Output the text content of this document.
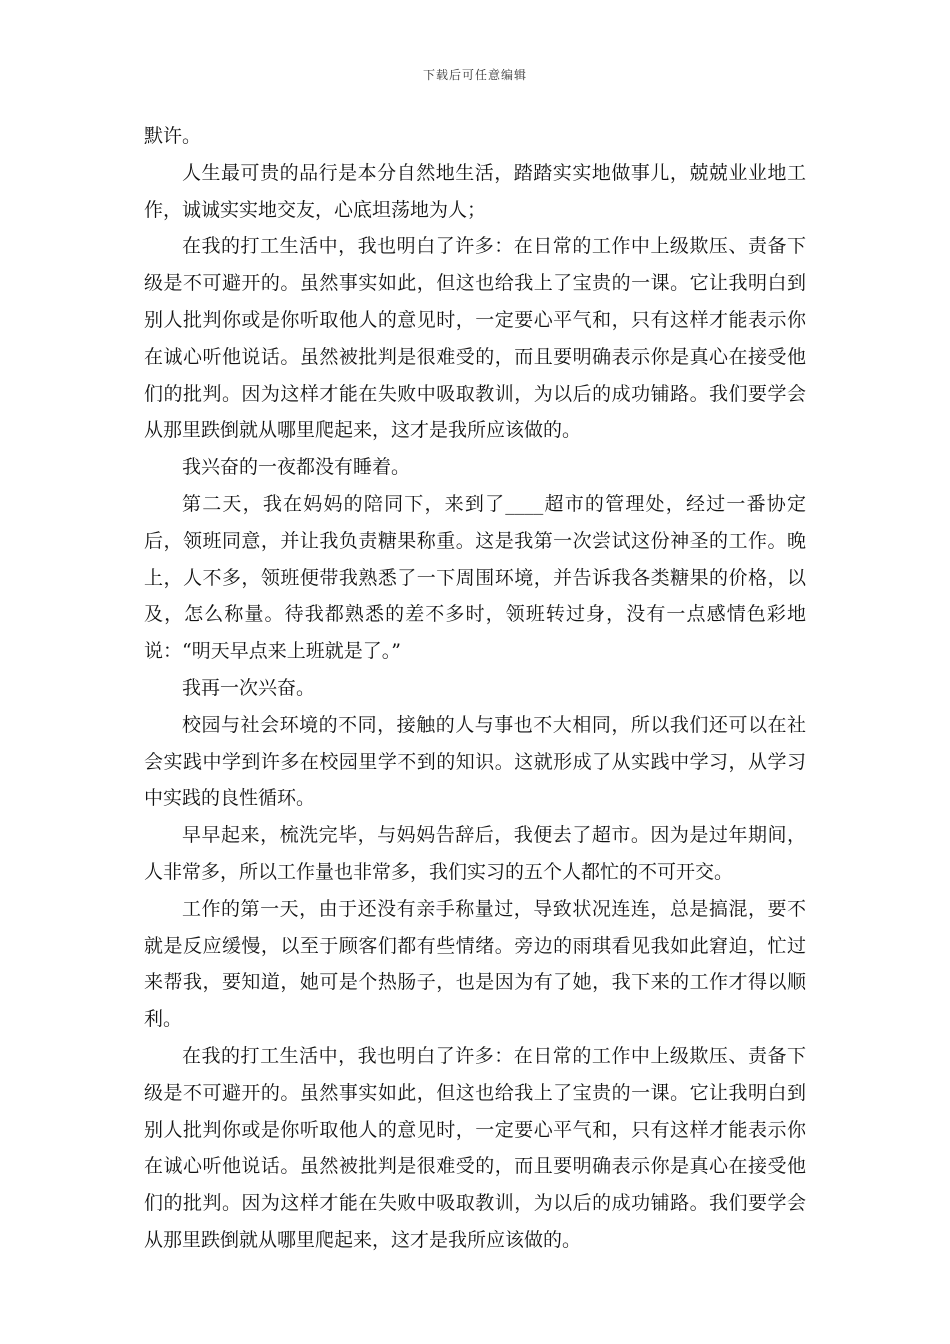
下载后可任意编辑

默许。

人生最可贵的品行是本分自然地生活，踏踏实实地做事儿，兢兢业业地工作，诚诚实实地交友，心底坦荡地为人；

在我的打工生活中，我也明白了许多：在日常的工作中上级欺压、责备下级是不可避开的。虽然事实如此，但这也给我上了宝贵的一课。它让我明白到别人批判你或是你听取他人的意见时，一定要心平气和，只有这样才能表示你在诚心听他说话。虽然被批判是很难受的，而且要明确表示你是真心在接受他们的批判。因为这样才能在失败中吸取教训，为以后的成功铺路。我们要学会从那里跌倒就从哪里爬起来，这才是我所应该做的。

我兴奋的一夜都没有睡着。

第二天，我在妈妈的陪同下，来到了____超市的管理处，经过一番协定后，领班同意，并让我负责糖果称重。这是我第一次尝试这份神圣的工作。晚上，人不多，领班便带我熟悉了一下周围环境，并告诉我各类糖果的价格，以及，怎么称量。待我都熟悉的差不多时，领班转过身，没有一点感情色彩地说：“明天早点来上班就是了。”

我再一次兴奋。

校园与社会环境的不同，接触的人与事也不大相同，所以我们还可以在社会实践中学到许多在校园里学不到的知识。这就形成了从实践中学习，从学习中实践的良性循环。

早早起来，梳洗完毕，与妈妈告辞后，我便去了超市。因为是过年期间，人非常多，所以工作量也非常多，我们实习的五个人都忙的不可开交。

工作的第一天，由于还没有亲手称量过，导致状况连连，总是搞混，要不就是反应缓慢，以至于顾客们都有些情绪。旁边的雨琪看见我如此窘迫，忙过来帮我，要知道，她可是个热肠子，也是因为有了她，我下来的工作才得以顺利。

在我的打工生活中，我也明白了许多：在日常的工作中上级欺压、责备下级是不可避开的。虽然事实如此，但这也给我上了宝贵的一课。它让我明白到别人批判你或是你听取他人的意见时，一定要心平气和，只有这样才能表示你在诚心听他说话。虽然被批判是很难受的，而且要明确表示你是真心在接受他们的批判。因为这样才能在失败中吸取教训，为以后的成功铺路。我们要学会从那里跌倒就从哪里爬起来，这才是我所应该做的。
